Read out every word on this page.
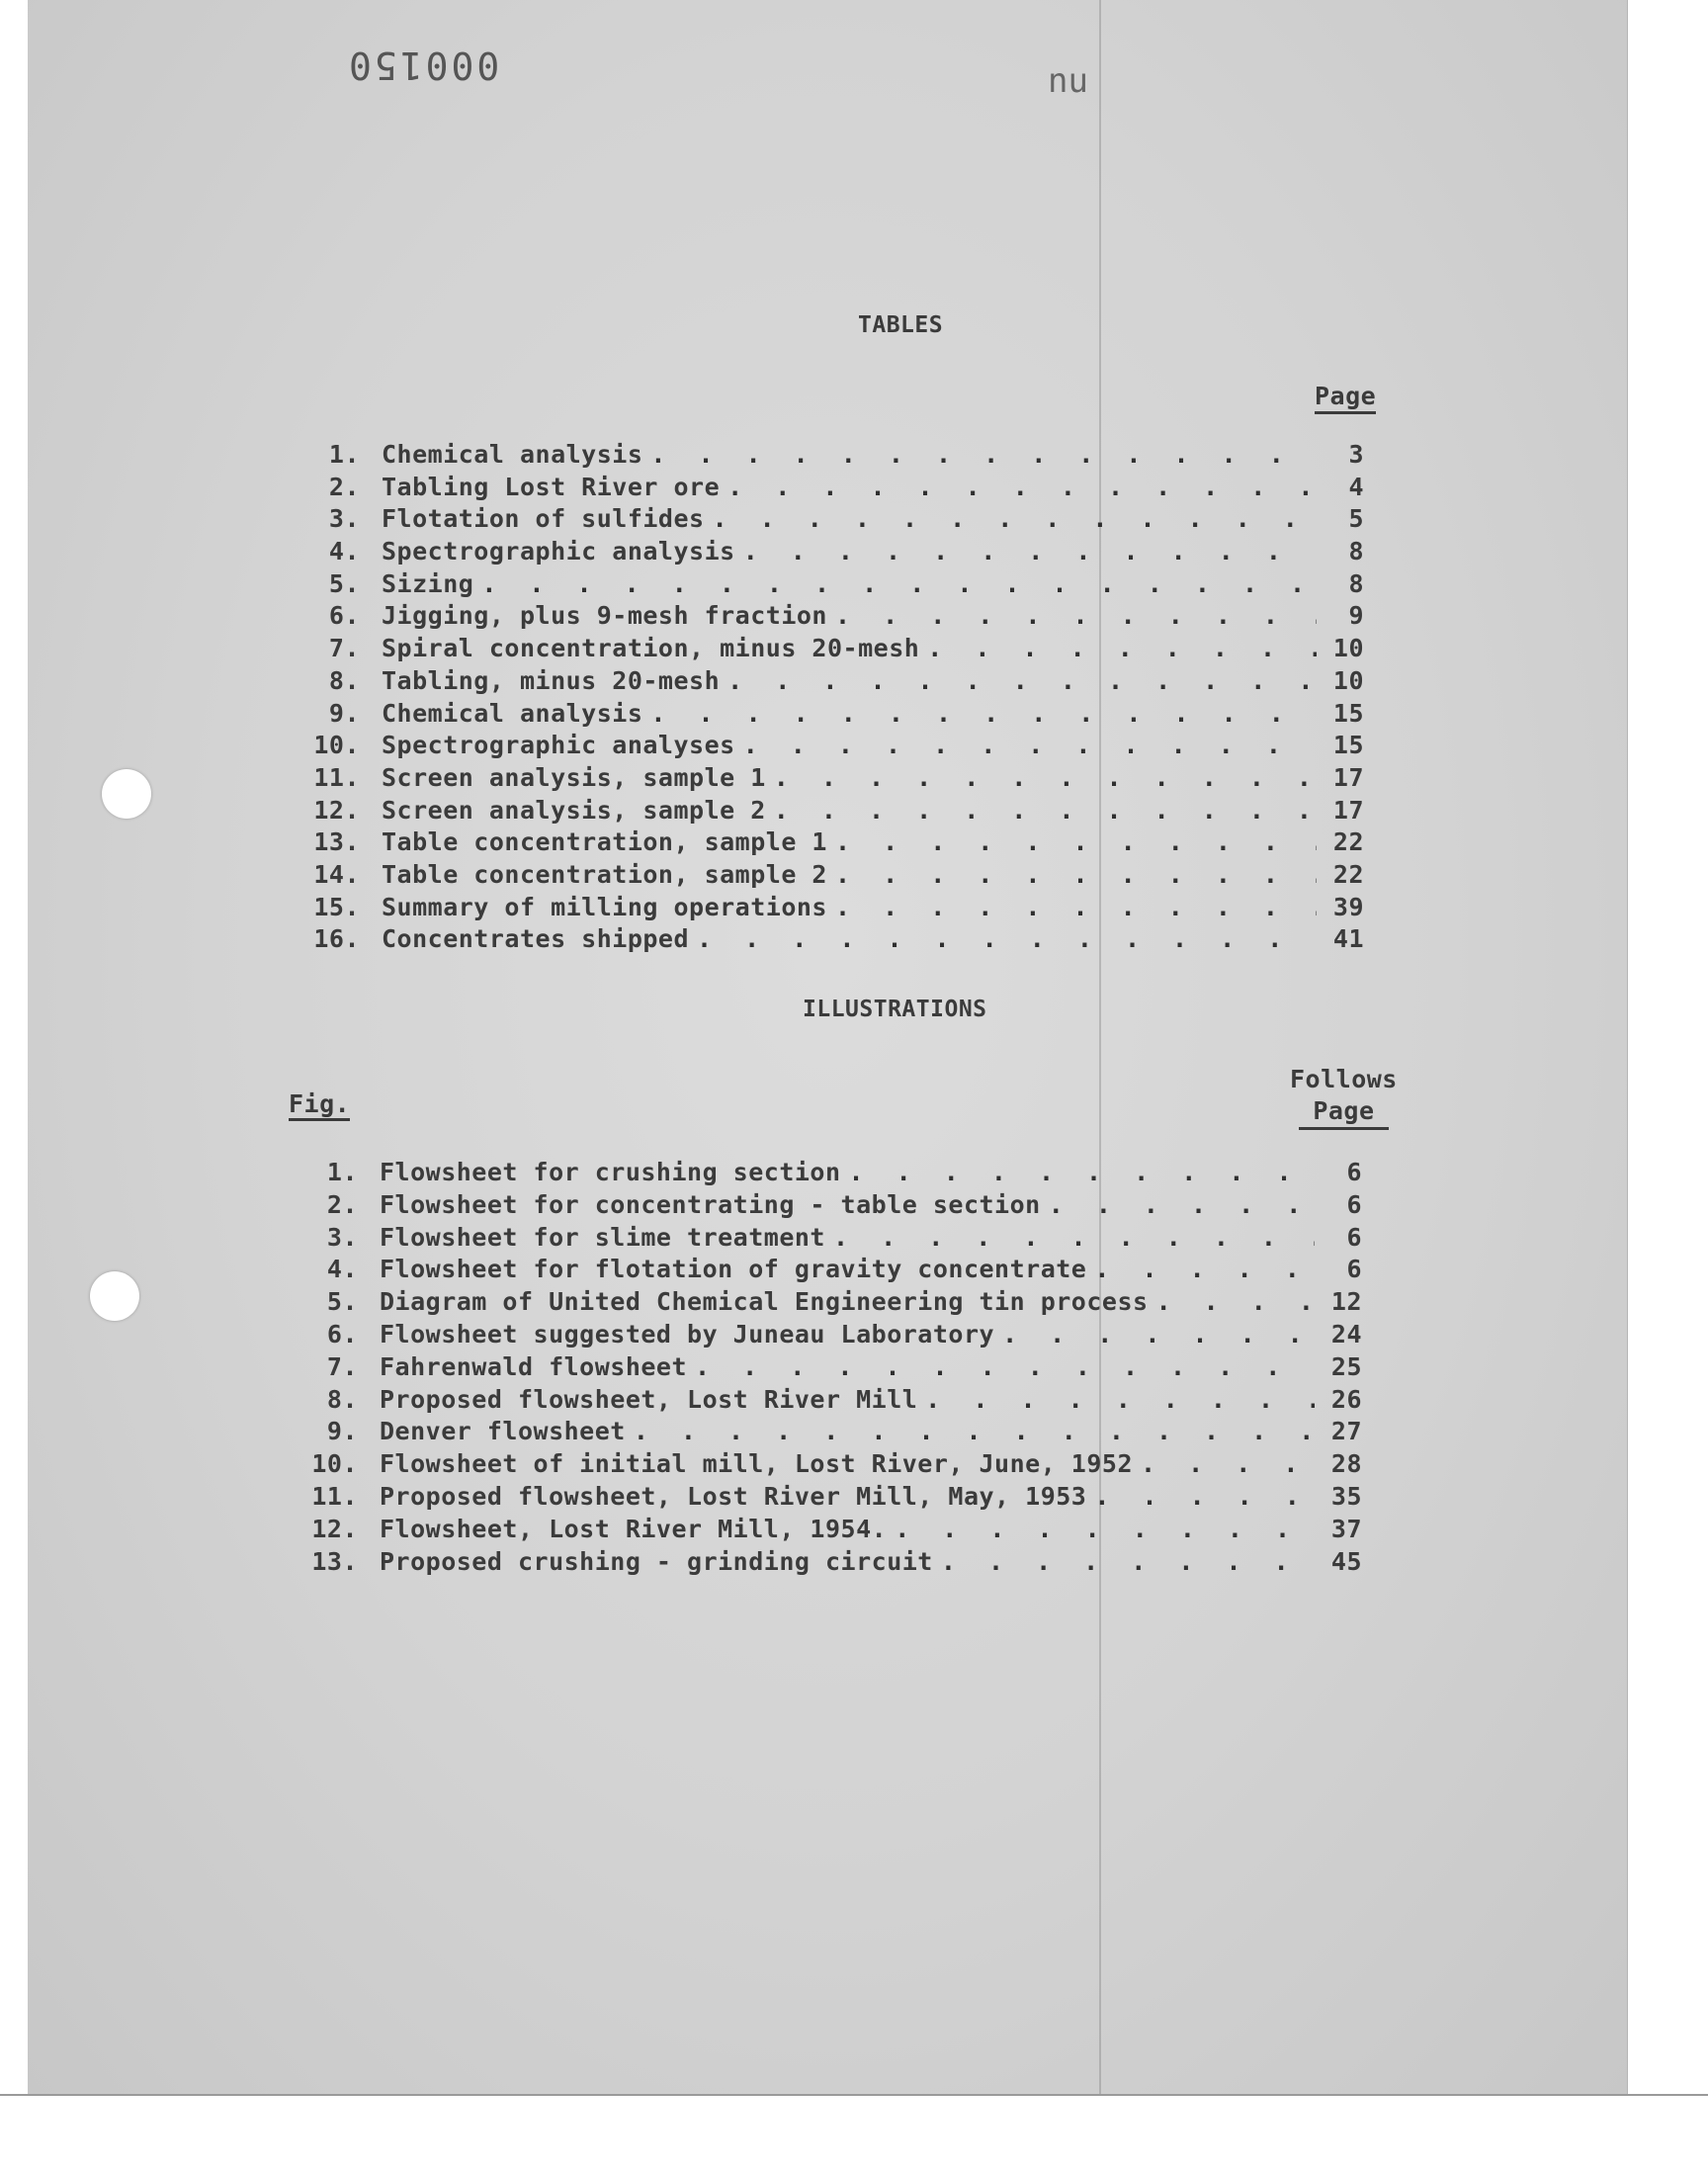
000150	nu
TABLES
Page
1. Chemical analysis . . .	3
2. Tabling Lost River ore . . .	4
3. Flotation of sulfides . . .	5
4. Spectrographic analysis . . .	8
5. Sizing . . .	8
6. Jigging, plus 9-mesh fraction . . .	9
7. Spiral concentration, minus 20-mesh . . .	10
8. Tabling, minus 20-mesh . . .	10
9. Chemical analysis . . .	15
10. Spectrographic analyses . . .	15
11. Screen analysis, sample 1 . . .	17
12. Screen analysis, sample 2 . . .	17
13. Table concentration, sample 1 . . .	22
14. Table concentration, sample 2 . . .	22
15. Summary of milling operations . . .	39
16. Concentrates shipped . . .	41
ILLUSTRATIONS
Fig.
Follows
Page
1. Flowsheet for crushing section . . .	6
2. Flowsheet for concentrating - table section . . .	6
3. Flowsheet for slime treatment . . .	6
4. Flowsheet for flotation of gravity concentrate . . .	6
5. Diagram of United Chemical Engineering tin process . . .	12
6. Flowsheet suggested by Juneau Laboratory . . .	24
7. Fahrenwald flowsheet . . .	25
8. Proposed flowsheet, Lost River Mill . . .	26
9. Denver flowsheet . . .	27
10. Flowsheet of initial mill, Lost River, June, 1952 . . .	28
11. Proposed flowsheet, Lost River Mill, May, 1953 . . .	35
12. Flowsheet, Lost River Mill, 1954. . . .	37
13. Proposed crushing - grinding circuit . . .	45
